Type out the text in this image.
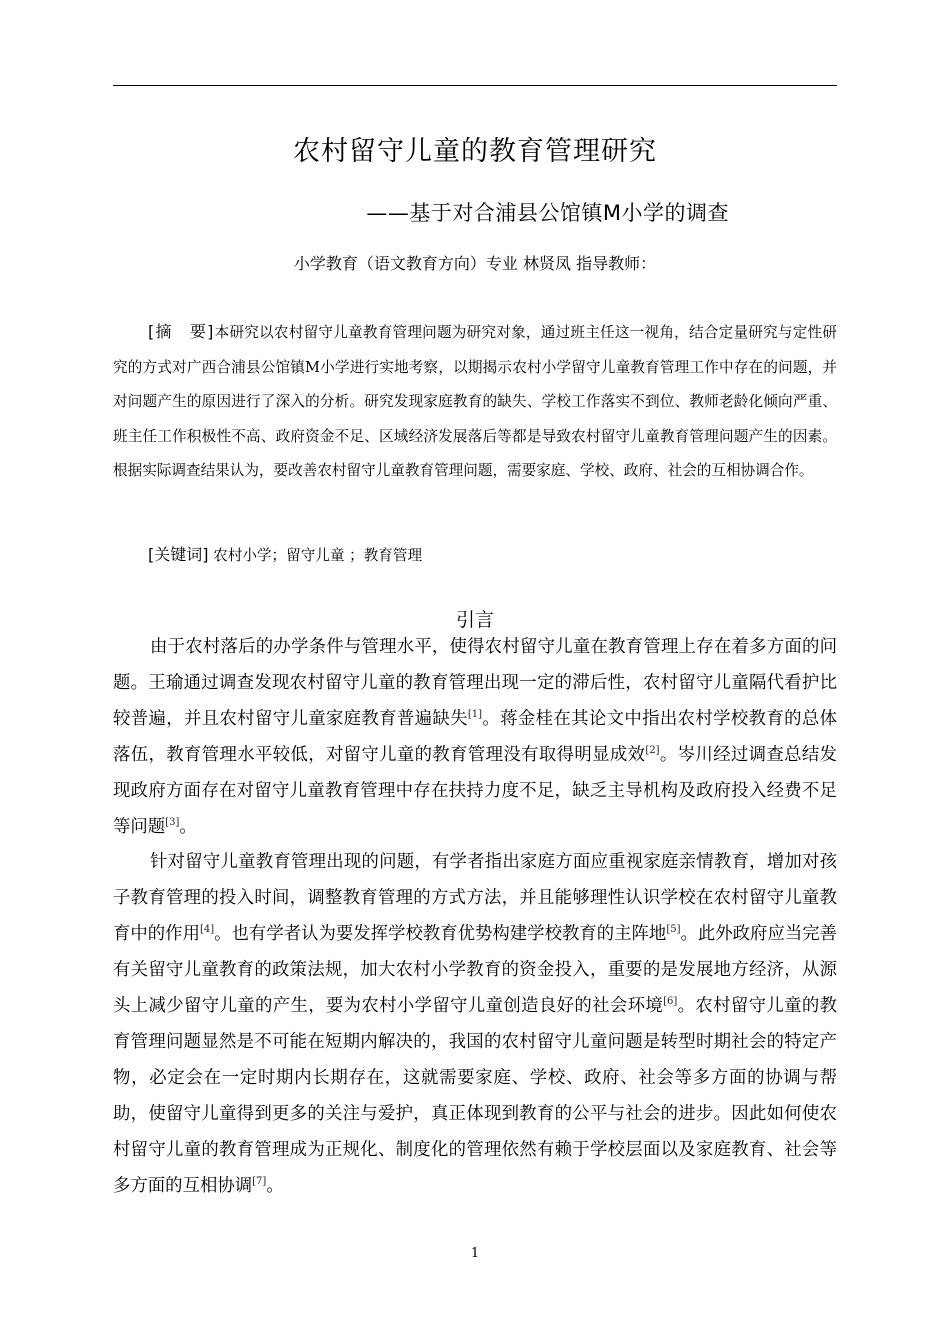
农村留守儿童的教育管理研究
——基于对合浦县公馆镇M小学的调查
小学教育（语文教育方向）专业 林贤凤 指导教师：

[摘　要]本研究以农村留守儿童教育管理问题为研究对象，通过班主任这一视角，结合定量研究与定性研究的方式对广西合浦县公馆镇M小学进行实地考察，以期揭示农村小学留守儿童教育管理工作中存在的问题，并对问题产生的原因进行了深入的分析。研究发现家庭教育的缺失、学校工作落实不到位、教师老龄化倾向严重、班主任工作积极性不高、政府资金不足、区域经济发展落后等都是导致农村留守儿童教育管理问题产生的因素。根据实际调查结果认为，要改善农村留守儿童教育管理问题，需要家庭、学校、政府、社会的互相协调合作。

[关键词] 农村小学；留守儿童 ；教育管理

引言

由于农村落后的办学条件与管理水平，使得农村留守儿童在教育管理上存在着多方面的问题。王瑜通过调查发现农村留守儿童的教育管理出现一定的滞后性，农村留守儿童隔代看护比较普遍，并且农村留守儿童家庭教育普遍缺失[1]。蒋金桂在其论文中指出农村学校教育的总体落伍，教育管理水平较低，对留守儿童的教育管理没有取得明显成效[2]。岑川经过调查总结发现政府方面存在对留守儿童教育管理中存在扶持力度不足，缺乏主导机构及政府投入经费不足等问题[3]。

针对留守儿童教育管理出现的问题，有学者指出家庭方面应重视家庭亲情教育，增加对孩子教育管理的投入时间，调整教育管理的方式方法，并且能够理性认识学校在农村留守儿童教育中的作用[4]。也有学者认为要发挥学校教育优势构建学校教育的主阵地[5]。此外政府应当完善有关留守儿童教育的政策法规，加大农村小学教育的资金投入，重要的是发展地方经济，从源头上减少留守儿童的产生，要为农村小学留守儿童创造良好的社会环境[6]。农村留守儿童的教育管理问题显然是不可能在短期内解决的，我国的农村留守儿童问题是转型时期社会的特定产物，必定会在一定时期内长期存在，这就需要家庭、学校、政府、社会等多方面的协调与帮助，使留守儿童得到更多的关注与爱护，真正体现到教育的公平与社会的进步。因此如何使农村留守儿童的教育管理成为正规化、制度化的管理依然有赖于学校层面以及家庭教育、社会等多方面的互相协调[7]。

1
